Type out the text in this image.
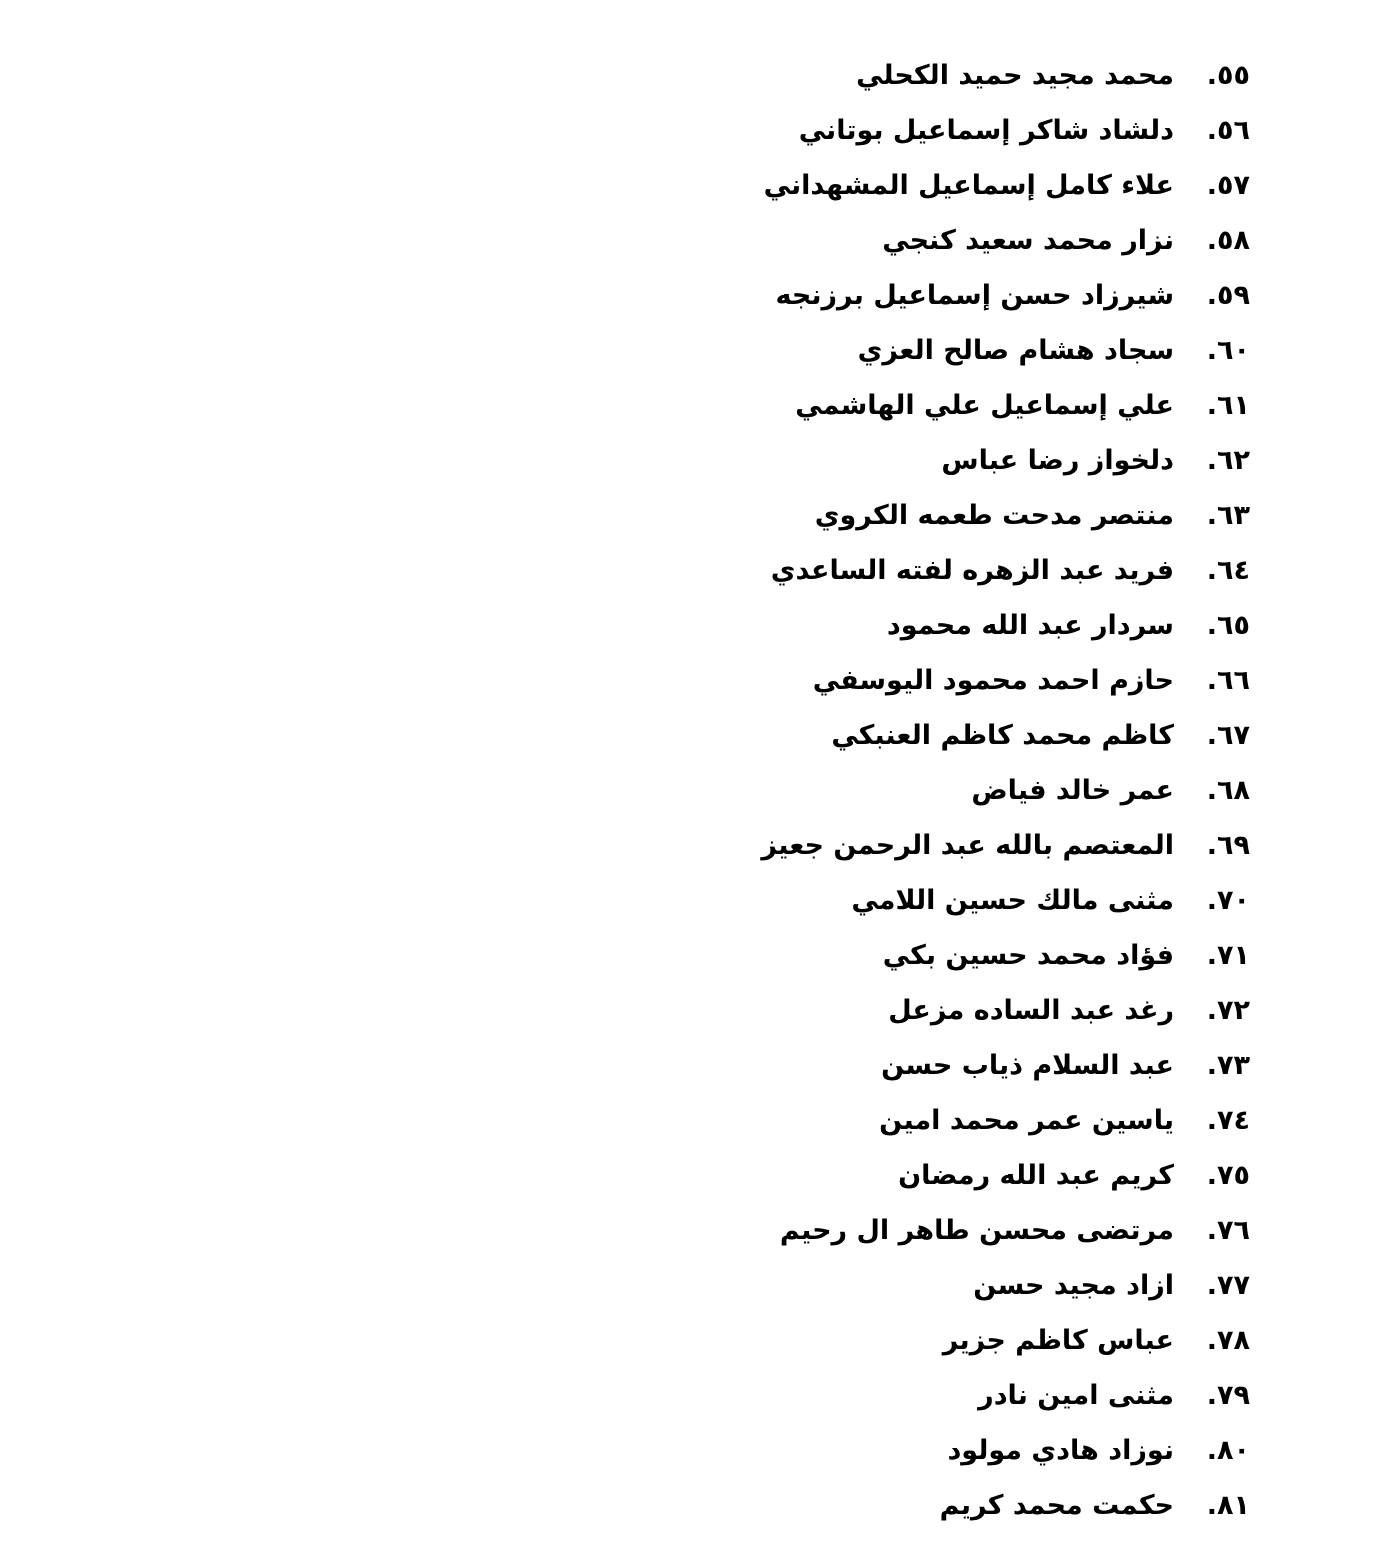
.٥٥
محمد مجيد حميد الكحلي
.٥٦
دلشاد شاكر إسماعيل بوتاني
.٥٧
علاء كامل إسماعيل المشهداني
.٥٨
نزار محمد سعيد كنجي
.٥٩
شيرزاد حسن إسماعيل برزنجه
.٦٠
سجاد هشام صالح العزي
.٦١
علي إسماعيل علي الهاشمي
.٦٢
دلخواز رضا عباس
.٦٣
منتصر مدحت طعمه الكروي
.٦٤
فريد عبد الزهره لفته الساعدي
.٦٥
سردار عبد الله محمود
.٦٦
حازم احمد محمود اليوسفي
.٦٧
كاظم محمد كاظم العنبكي
.٦٨
عمر خالد فياض
.٦٩
المعتصم بالله عبد الرحمن جعيز
.٧٠
مثنى مالك حسين اللامي
.٧١
فؤاد محمد حسين بكي
.٧٢
رغد عبد الساده مزعل
.٧٣
عبد السلام ذياب حسن
.٧٤
ياسين عمر محمد امين
.٧٥
كريم عبد الله رمضان
.٧٦
مرتضى محسن طاهر ال رحيم
.٧٧
ازاد مجيد حسن
.٧٨
عباس كاظم جزير
.٧٩
مثنى امين نادر
.٨٠
نوزاد هادي مولود
.٨١
حكمت محمد كريم
